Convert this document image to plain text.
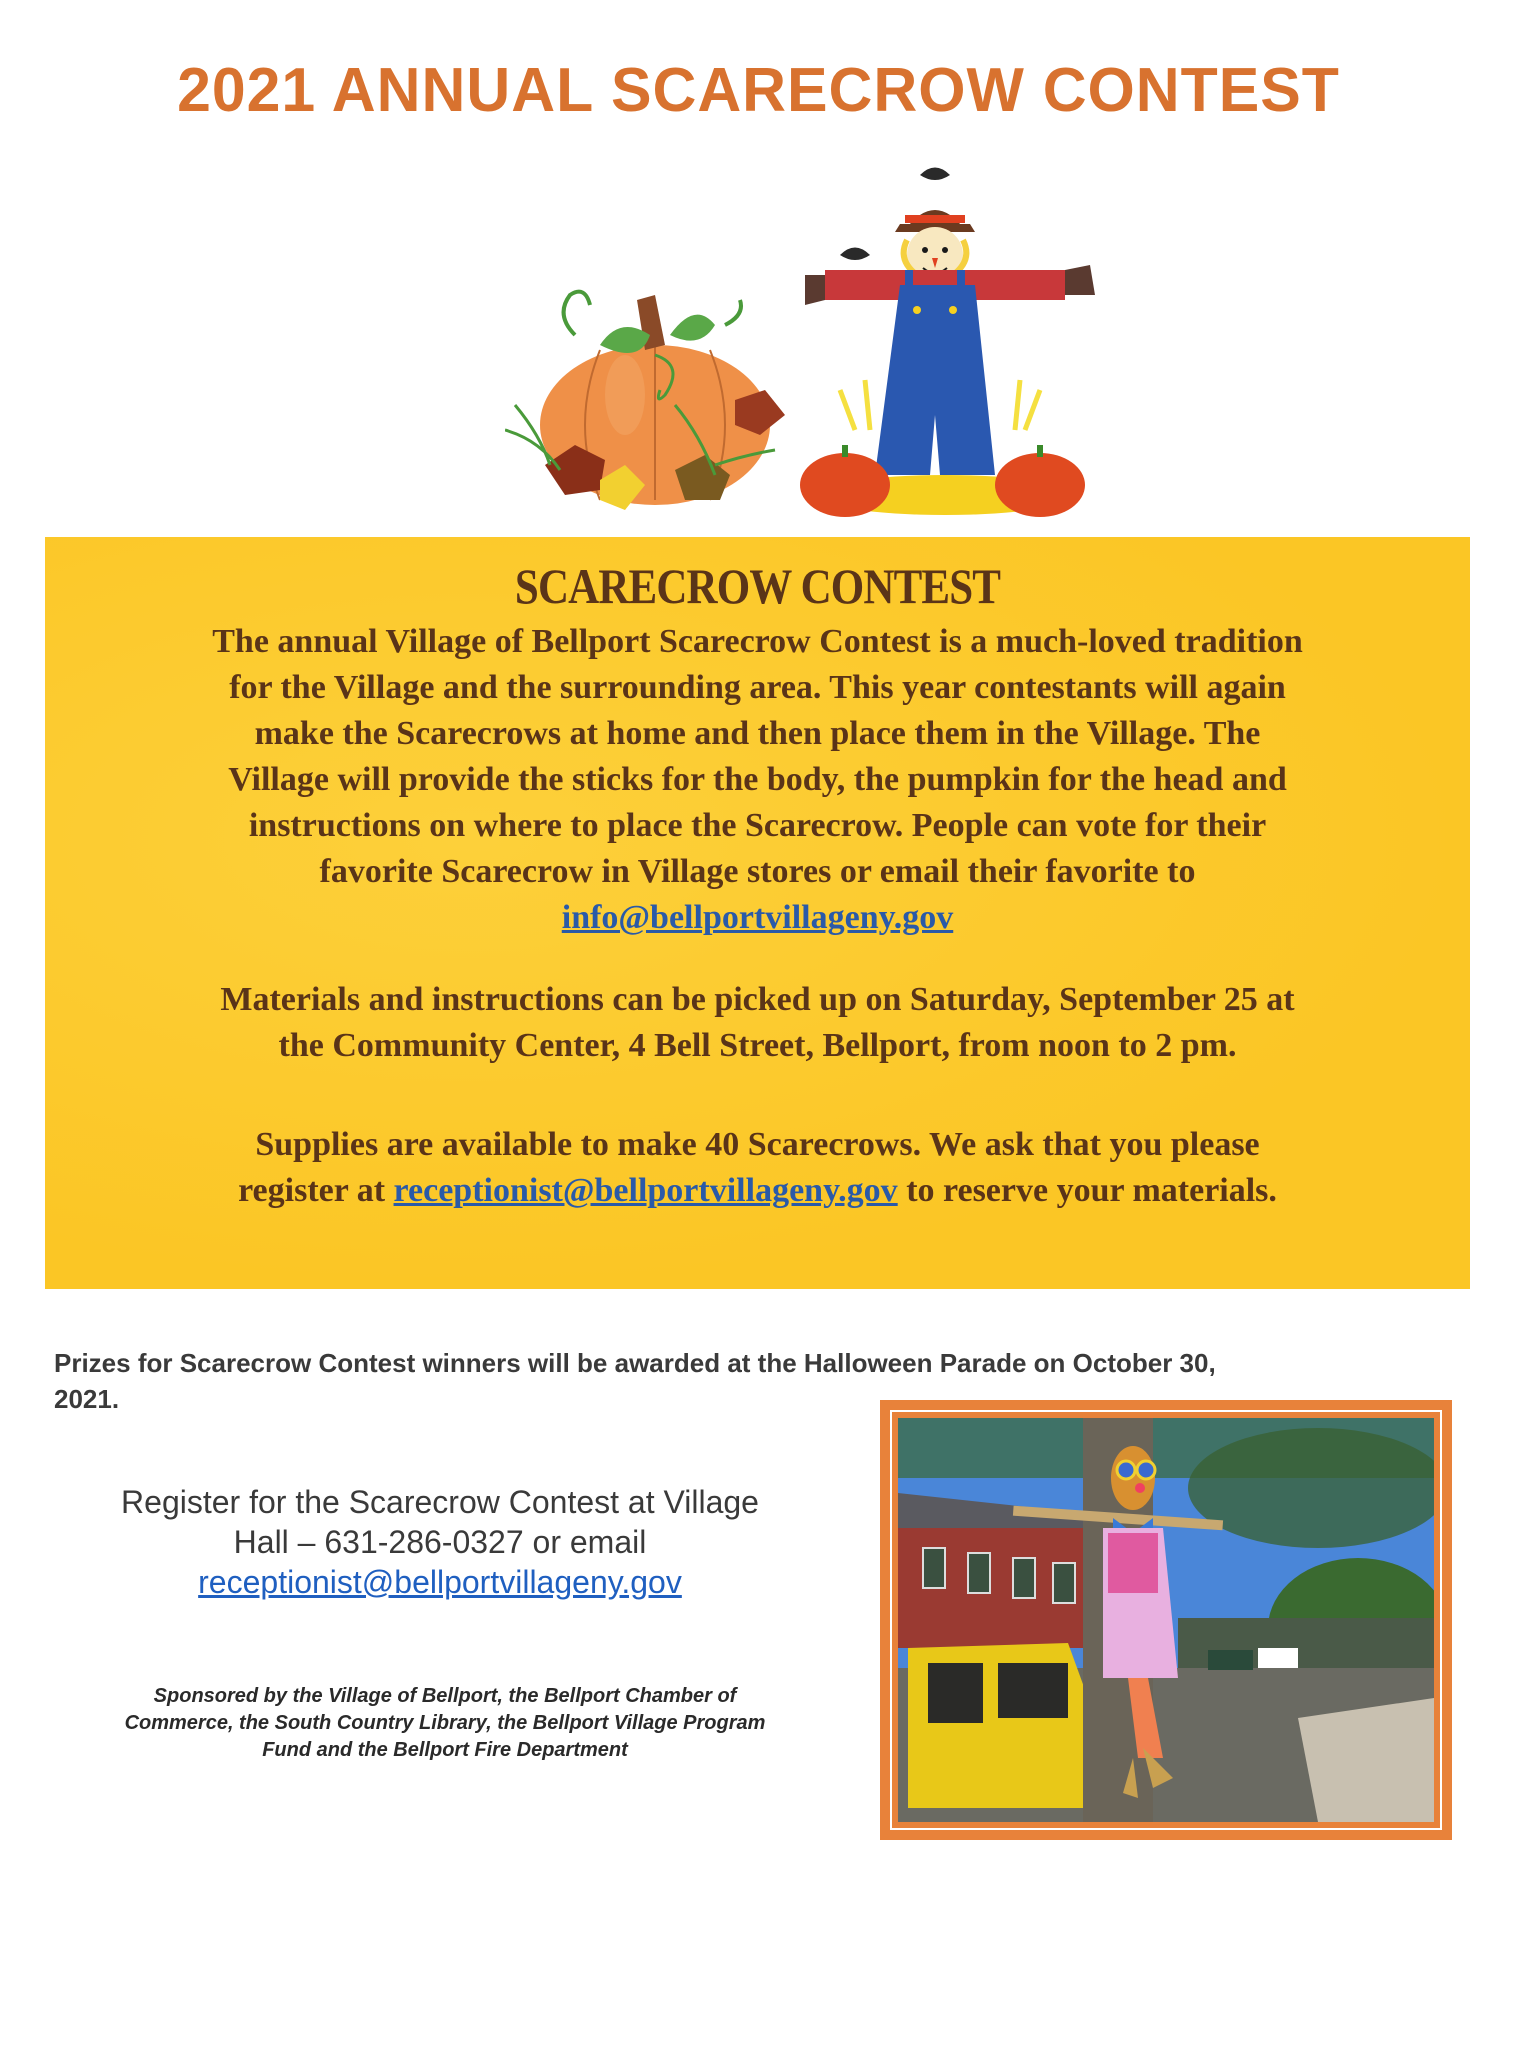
2021 ANNUAL SCARECROW CONTEST
SCARECROW CONTEST
The annual Village of Bellport Scarecrow Contest is a much-loved tradition
for the Village and the surrounding area. This year contestants will again
make the Scarecrows at home and then place them in the Village. The
Village will provide the sticks for the body, the pumpkin for the head and
instructions on where to place the Scarecrow. People can vote for their
favorite Scarecrow in Village stores or email their favorite to
info@bellportvillageny.gov
Materials and instructions can be picked up on Saturday, September 25 at
the Community Center, 4 Bell Street, Bellport, from noon to 2 pm.
Supplies are available to make 40 Scarecrows. We ask that you please
register at receptionist@bellportvillageny.gov to reserve your materials.
Prizes for Scarecrow Contest winners will be awarded at the Halloween Parade on October 30,
2021.
Register for the Scarecrow Contest at Village
Hall – 631-286-0327 or email
receptionist@bellportvillageny.gov
Sponsored by the Village of Bellport, the Bellport Chamber of
Commerce, the South Country Library, the Bellport Village Program
Fund and the Bellport Fire Department
